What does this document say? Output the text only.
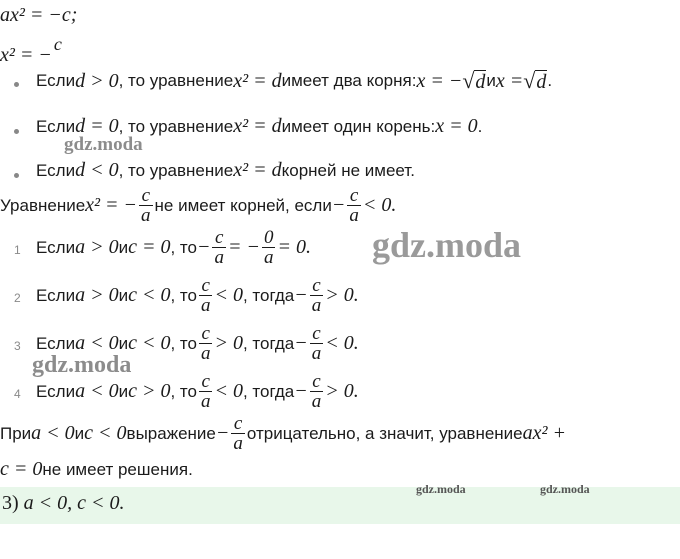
ax² = −c;
x² = − c
Если d > 0 , то уравнение x² = d имеет два корня: x = − √ d и x = √ d .
Если d = 0 , то уравнение x² = d имеет один корень: x = 0 .
Если d < 0 , то уравнение x² = d корней не имеет.
Уравнение x² = − $\frac{c}{a}$ не имеет корней, если − $\frac{c}{a} < 0$.
1 Если a > 0 и c = 0 , то − $\frac{c}{a}$ = − $\frac{0}{a} = 0$.
2 Если a > 0 и c < 0 , то $\frac{c}{a} < 0$ , тогда − $\frac{c}{a} > 0$.
3 Если a < 0 и c < 0 , то $\frac{c}{a} > 0$ , тогда − $\frac{c}{a} < 0$.
4 Если a < 0 и c > 0 , то $\frac{c}{a} < 0$ , тогда − $\frac{c}{a} > 0$.
При a < 0 и c < 0 выражение − $\frac{c}{a}$ отрицательно, а значит, уравнение ax² +
c = 0 не имеет решения.
3) a < 0, c < 0.
gdz.moda
gdz.moda
gdz.moda
gdz.moda	gdz.moda
